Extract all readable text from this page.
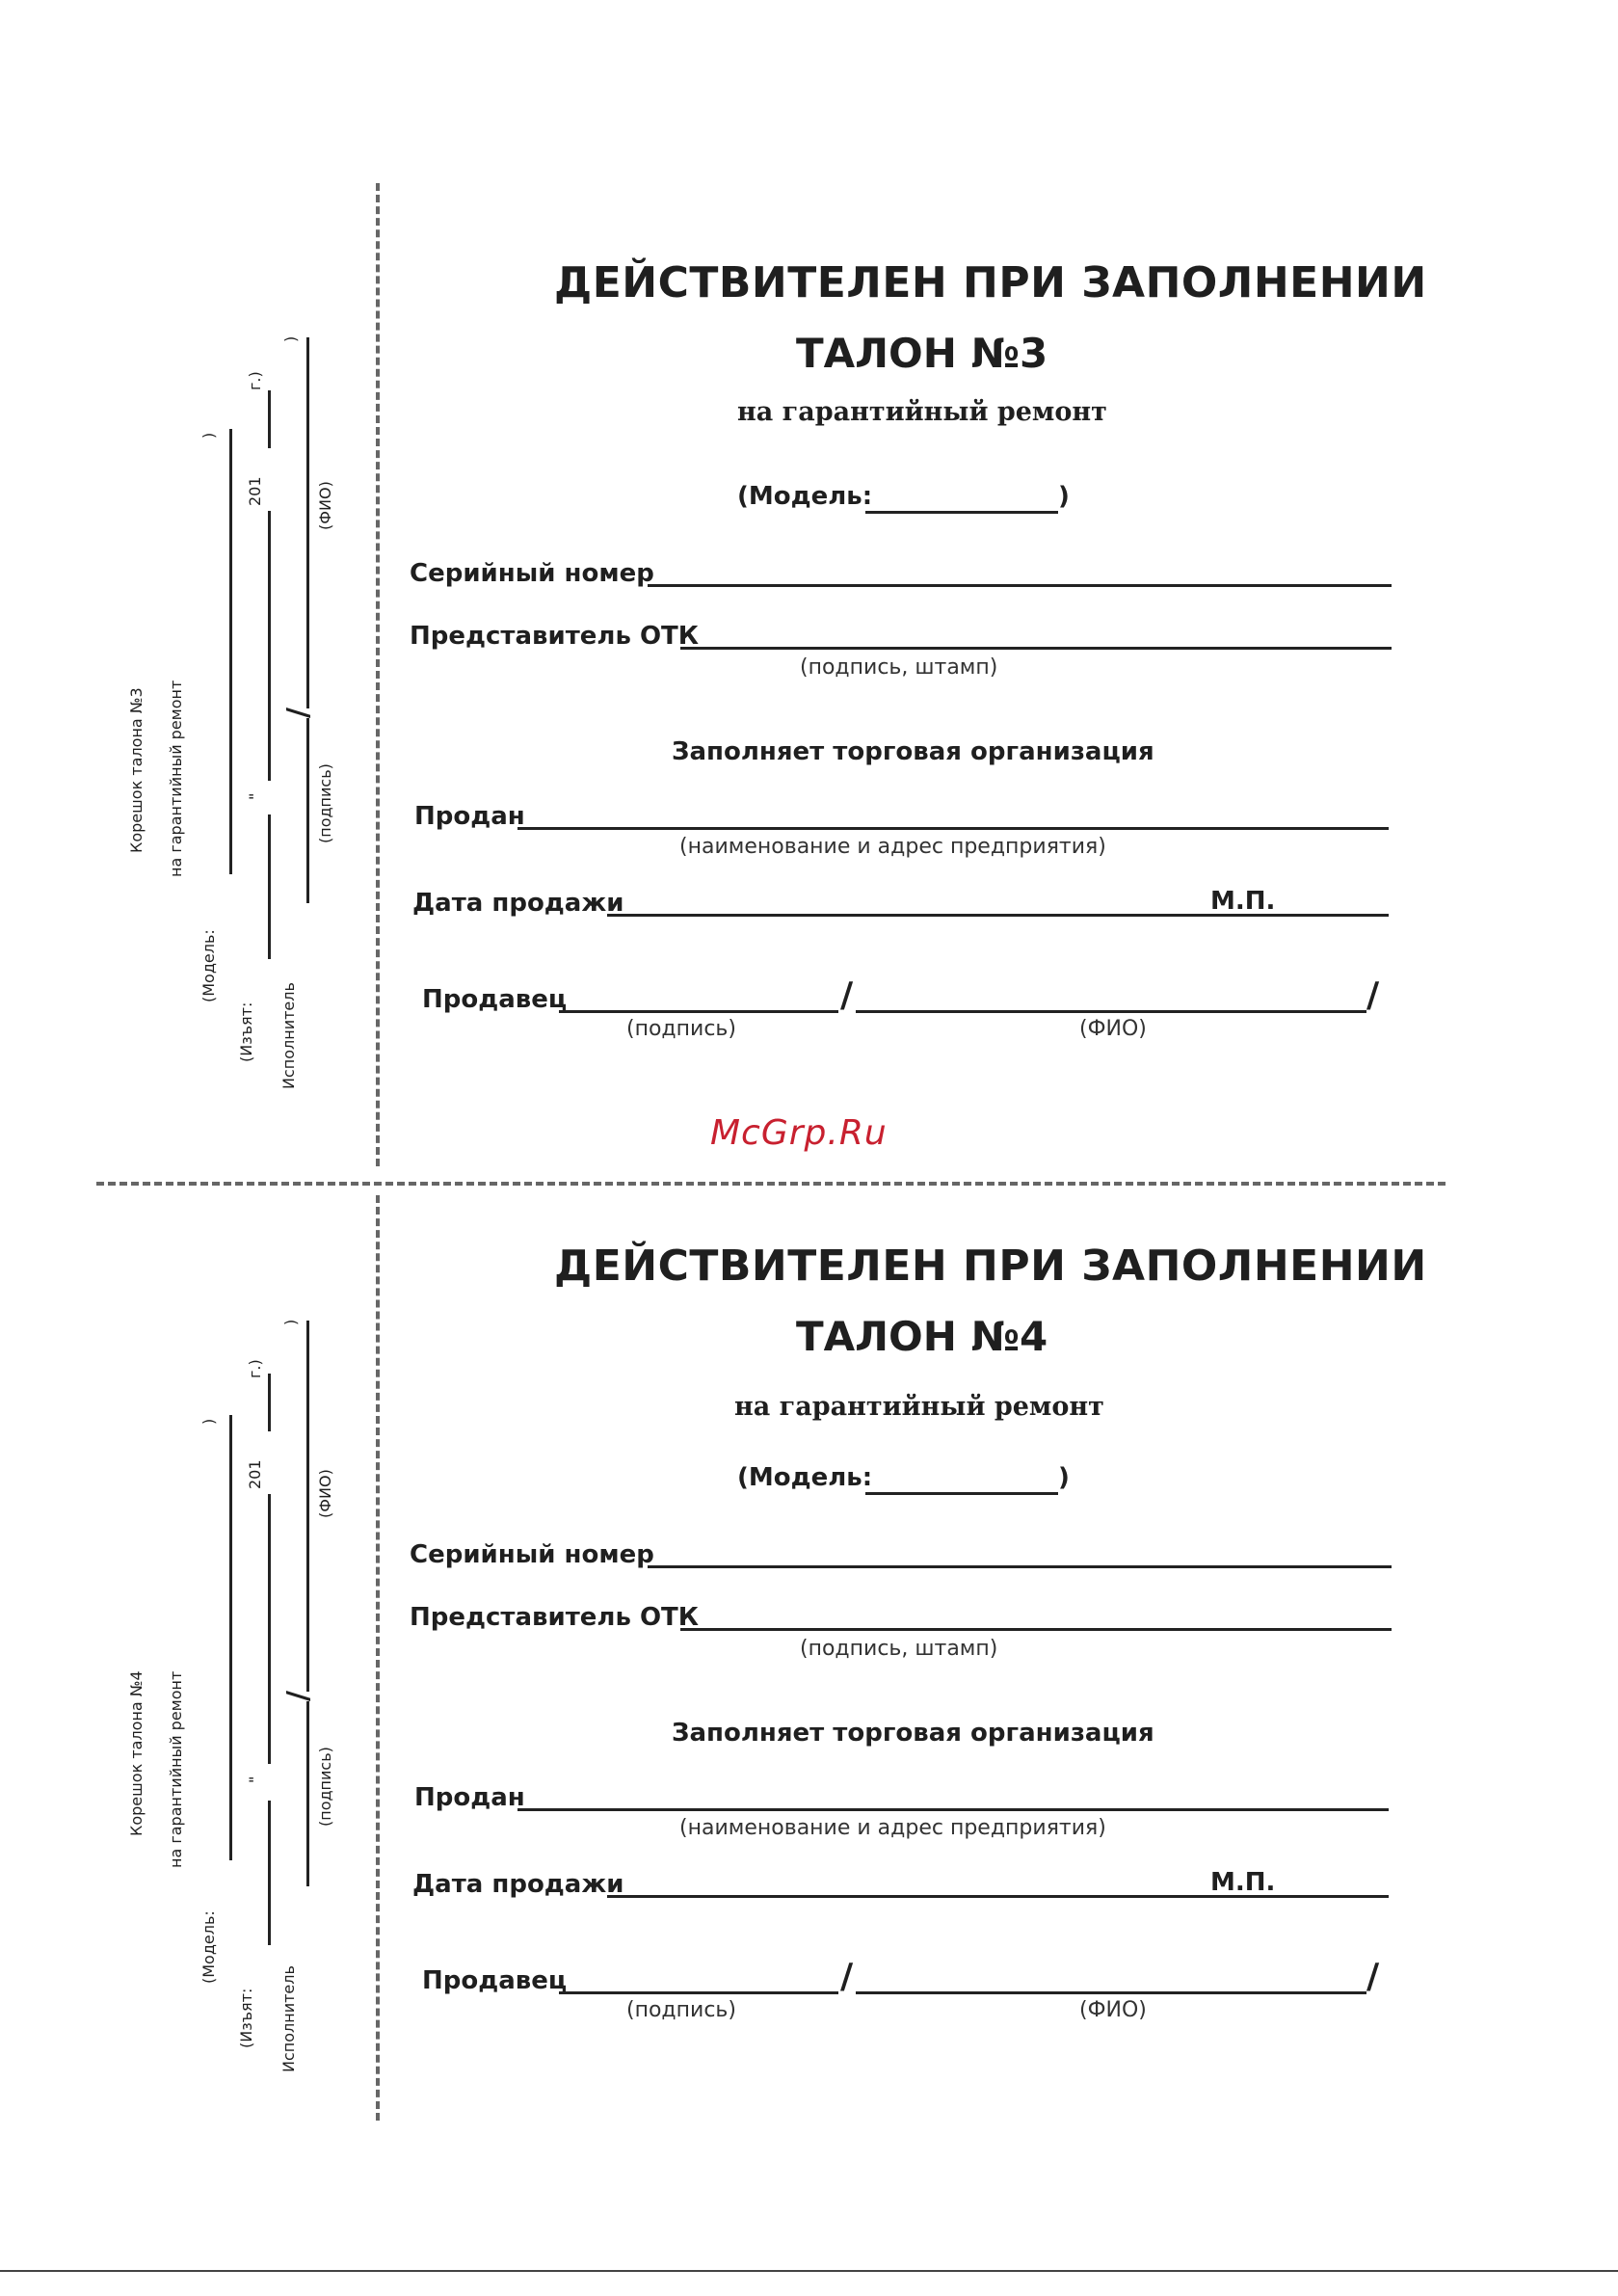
ДЕЙСТВИТЕЛЕН ПРИ ЗАПОЛНЕНИИ
ТАЛОН №3
на гарантийный ремонт
(Модель:	)
Серийный номер
Представитель ОТК
(подпись, штамп)
Заполняет торговая организация
Продан
(наименование и адрес предприятия)
Дата продажи	М.П.
Продавец	/	/
(подпись)	(ФИО)
Корешок талона №3 на гарантийный ремонт
(Модель:
)
(Изъят:
"
201
г.)
Исполнитель
/
)
(подпись)
(ФИО)
McGrp.Ru
ДЕЙСТВИТЕЛЕН ПРИ ЗАПОЛНЕНИИ
ТАЛОН №4
на гарантийный ремонт
(Модель:	)
Серийный номер
Представитель ОТК
(подпись, штамп)
Заполняет торговая организация
Продан
(наименование и адрес предприятия)
Дата продажи	М.П.
Продавец	/	/
(подпись)	(ФИО)
Корешок талона №4 на гарантийный ремонт
(Модель:
)
(Изъят:
"
201
г.)
Исполнитель
/
)
(подпись)
(ФИО)
